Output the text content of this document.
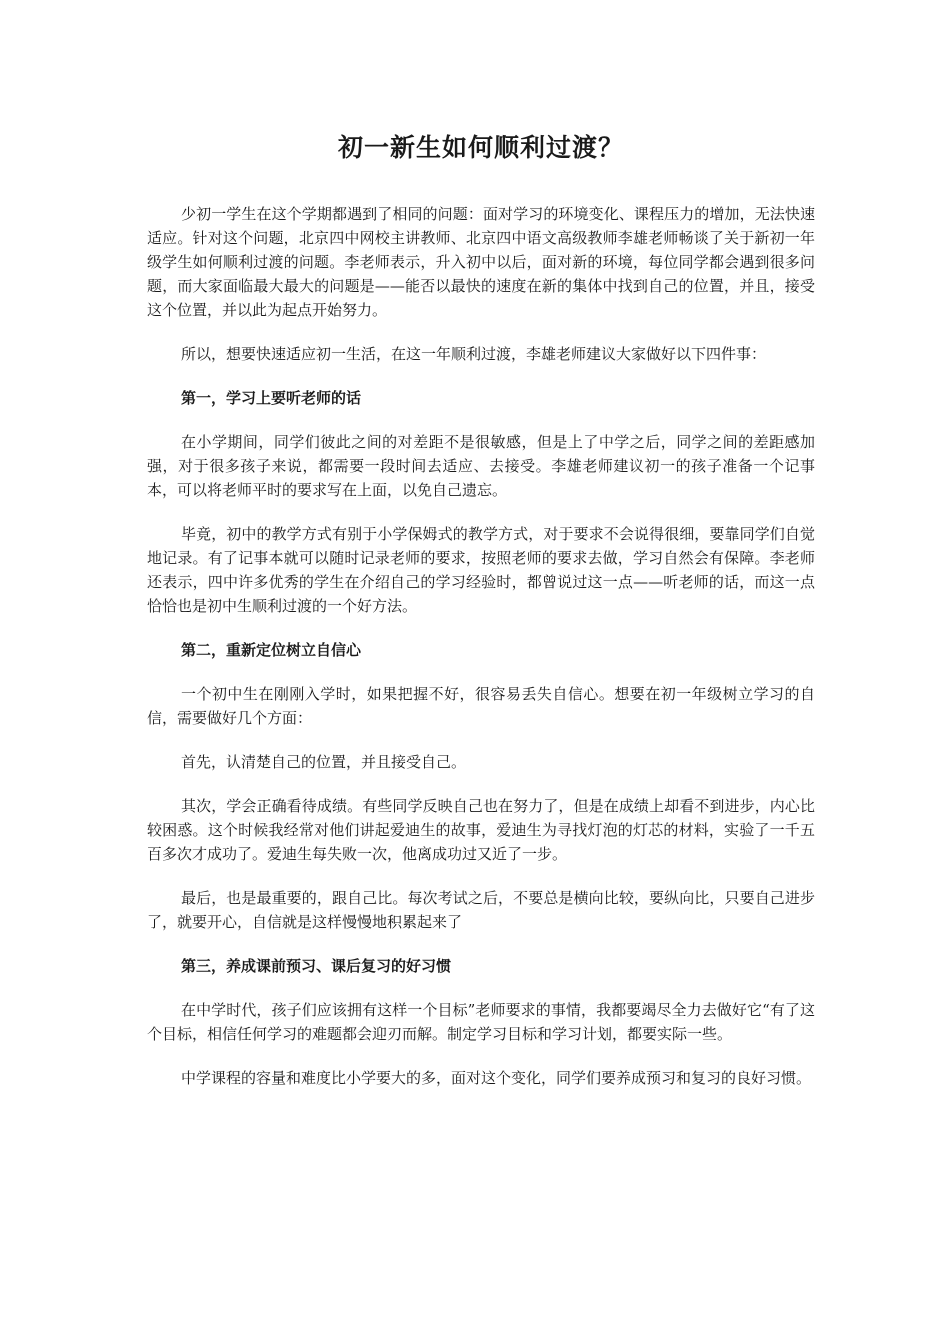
初一新生如何顺利过渡？

少初一学生在这个学期都遇到了相同的问题：面对学习的环境变化、课程压力的增加，无法快速适应。针对这个问题，北京四中网校主讲教师、北京四中语文高级教师李雄老师畅谈了关于新初一年级学生如何顺利过渡的问题。李老师表示，升入初中以后，面对新的环境，每位同学都会遇到很多问题，而大家面临最大最大的问题是——能否以最快的速度在新的集体中找到自己的位置，并且，接受这个位置，并以此为起点开始努力。

所以，想要快速适应初一生活，在这一年顺利过渡，李雄老师建议大家做好以下四件事：

第一，学习上要听老师的话

在小学期间，同学们彼此之间的对差距不是很敏感，但是上了中学之后，同学之间的差距感加强，对于很多孩子来说，都需要一段时间去适应、去接受。李雄老师建议初一的孩子准备一个记事本，可以将老师平时的要求写在上面，以免自己遗忘。

毕竟，初中的教学方式有别于小学保姆式的教学方式，对于要求不会说得很细，要靠同学们自觉地记录。有了记事本就可以随时记录老师的要求，按照老师的要求去做，学习自然会有保障。李老师还表示，四中许多优秀的学生在介绍自己的学习经验时，都曾说过这一点——听老师的话，而这一点恰恰也是初中生顺利过渡的一个好方法。

第二，重新定位树立自信心

一个初中生在刚刚入学时，如果把握不好，很容易丢失自信心。想要在初一年级树立学习的自信，需要做好几个方面：

首先，认清楚自己的位置，并且接受自己。

其次，学会正确看待成绩。有些同学反映自己也在努力了，但是在成绩上却看不到进步，内心比较困惑。这个时候我经常对他们讲起爱迪生的故事，爱迪生为寻找灯泡的灯芯的材料，实验了一千五百多次才成功了。爱迪生每失败一次，他离成功过又近了一步。

最后，也是最重要的，跟自己比。每次考试之后，不要总是横向比较，要纵向比，只要自己进步了，就要开心，自信就是这样慢慢地积累起来了

第三，养成课前预习、课后复习的好习惯

在中学时代，孩子们应该拥有这样一个目标”老师要求的事情，我都要竭尽全力去做好它“有了这个目标，相信任何学习的难题都会迎刃而解。制定学习目标和学习计划，都要实际一些。

中学课程的容量和难度比小学要大的多，面对这个变化，同学们要养成预习和复习的良好习惯。
